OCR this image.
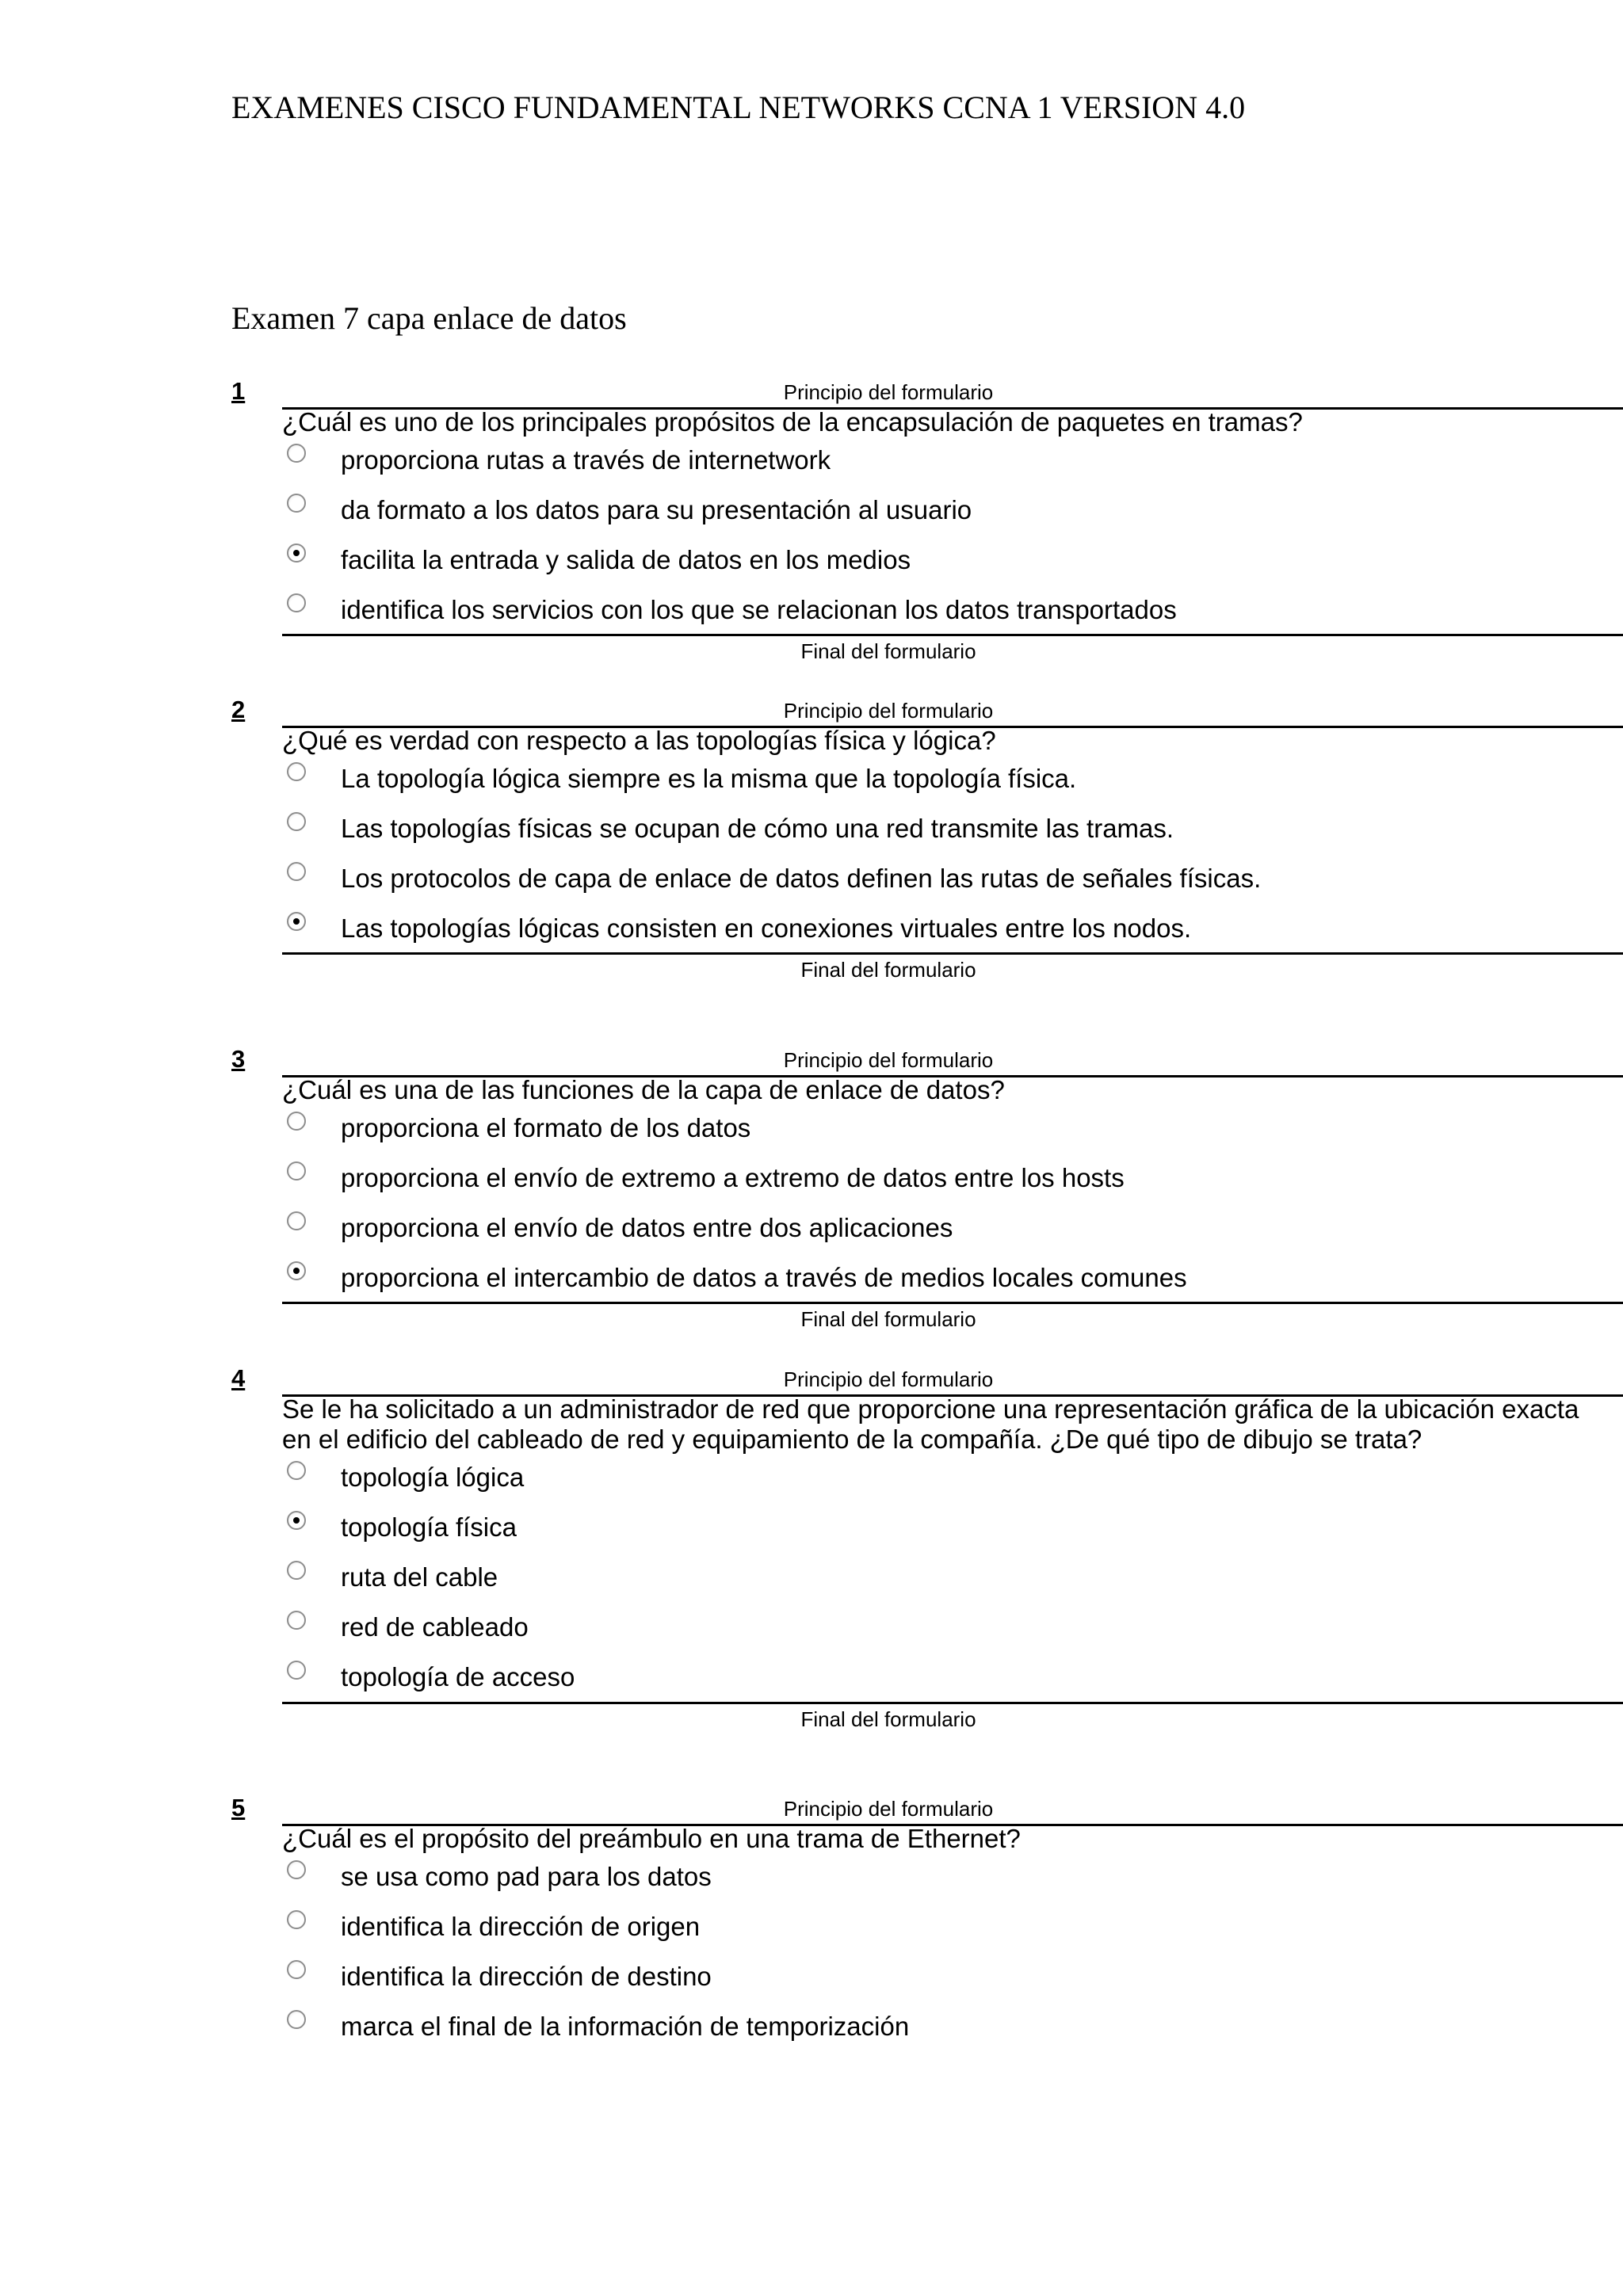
EXAMENES CISCO FUNDAMENTAL NETWORKS CCNA 1 VERSION 4.0
Examen 7 capa enlace de datos
1	Principio del formulario
¿Cuál es uno de los principales propósitos de la encapsulación de paquetes en tramas?
proporciona rutas a través de internetwork
da formato a los datos para su presentación al usuario
facilita la entrada y salida de datos en los medios
identifica los servicios con los que se relacionan los datos transportados
Final del formulario
2	Principio del formulario
¿Qué es verdad con respecto a las topologías física y lógica?
La topología lógica siempre es la misma que la topología física.
Las topologías físicas se ocupan de cómo una red transmite las tramas.
Los protocolos de capa de enlace de datos definen las rutas de señales físicas.
Las topologías lógicas consisten en conexiones virtuales entre los nodos.
Final del formulario
3	Principio del formulario
¿Cuál es una de las funciones de la capa de enlace de datos?
proporciona el formato de los datos
proporciona el envío de extremo a extremo de datos entre los hosts
proporciona el envío de datos entre dos aplicaciones
proporciona el intercambio de datos a través de medios locales comunes
Final del formulario
4	Principio del formulario
Se le ha solicitado a un administrador de red que proporcione una representación gráfica de la ubicación exacta en el edificio del cableado de red y equipamiento de la compañía. ¿De qué tipo de dibujo se trata?
topología lógica
topología física
ruta del cable
red de cableado
topología de acceso
Final del formulario
5	Principio del formulario
¿Cuál es el propósito del preámbulo en una trama de Ethernet?
se usa como pad para los datos
identifica la dirección de origen
identifica la dirección de destino
marca el final de la información de temporización
